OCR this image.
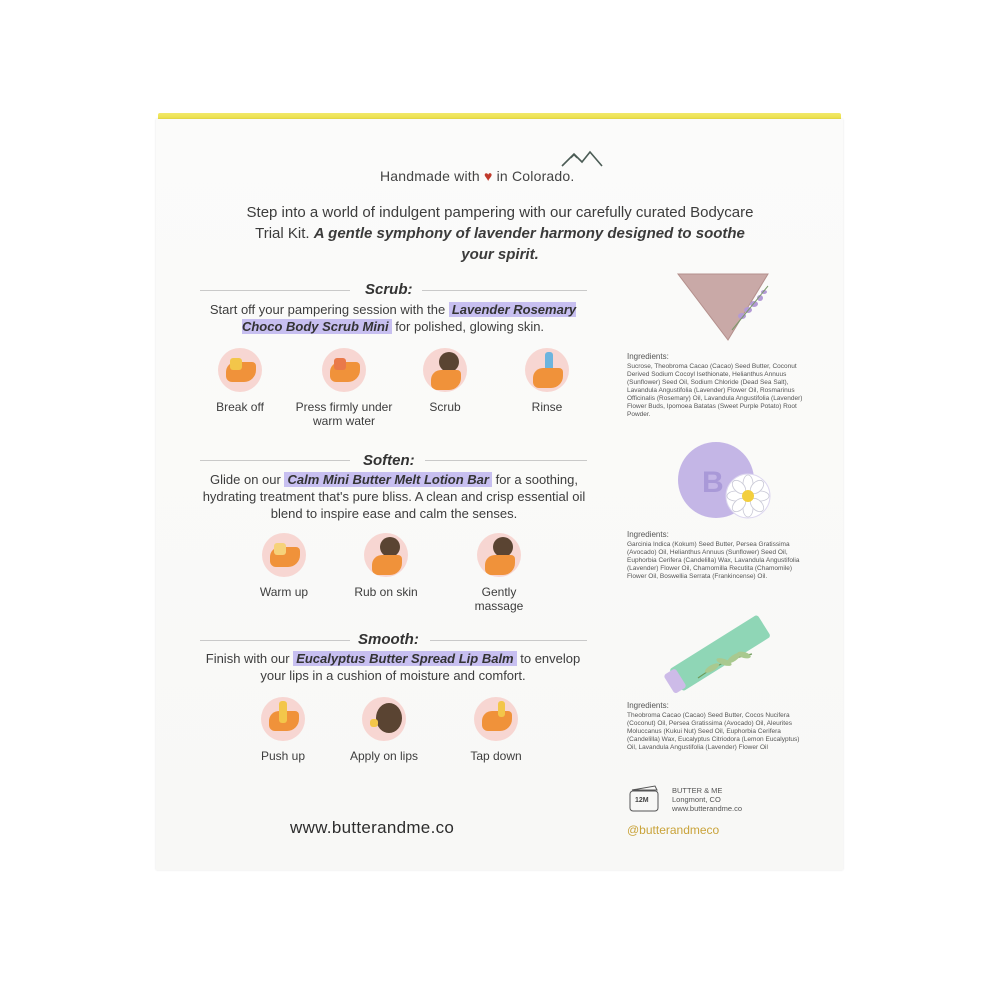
Handmade with ♥ in Colorado.
Step into a world of indulgent pampering with our carefully curated Bodycare Trial Kit. A gentle symphony of lavender harmony designed to soothe your spirit.
Scrub:
Start off your pampering session with the Lavender Rosemary Choco Body Scrub Mini for polished, glowing skin.
Break off	Press firmly under warm water
Scrub	Rinse
Soften:
Glide on our Calm Mini Butter Melt Lotion Bar for a soothing, hydrating treatment that's pure bliss. A clean and crisp essential oil blend to inspire ease and calm the senses.
Warm up	Rub on skin	Gently massage
Smooth:
Finish with our Eucalyptus Butter Spread Lip Balm to envelop your lips in a cushion of moisture and comfort.
Push up	Apply on lips	Tap down
Ingredients:
Sucrose, Theobroma Cacao (Cacao) Seed Butter, Coconut Derived Sodium Cocoyl Isethionate, Helianthus Annuus (Sunflower) Seed Oil, Sodium Chloride (Dead Sea Salt), Lavandula Angustifolia (Lavender) Flower Oil, Rosmarinus Officinalis (Rosemary) Oil, Lavandula Angustifolia (Lavender) Flower Buds, Ipomoea Batatas (Sweet Purple Potato) Root Powder.
B
Ingredients:
Garcinia Indica (Kokum) Seed Butter, Persea Gratissima (Avocado) Oil, Helianthus Annuus (Sunflower) Seed Oil, Euphorbia Cerifera (Candelilla) Wax, Lavandula Angustifolia (Lavender) Flower Oil, Chamomilla Recutita (Chamomile) Flower Oil, Boswellia Serrata (Frankincense) Oil.
Ingredients:
Theobroma Cacao (Cacao) Seed Butter, Cocos Nucifera (Coconut) Oil, Persea Gratissima (Avocado) Oil, Aleurites Moluccanus (Kukui Nut) Seed Oil, Euphorbia Cerifera (Candelilla) Wax, Eucalyptus Citriodora (Lemon Eucalyptus) Oil, Lavandula Angustifolia (Lavender) Flower Oil
12M
BUTTER & ME
Longmont, CO
www.butterandme.co
www.butterandme.co	@butterandmeco
